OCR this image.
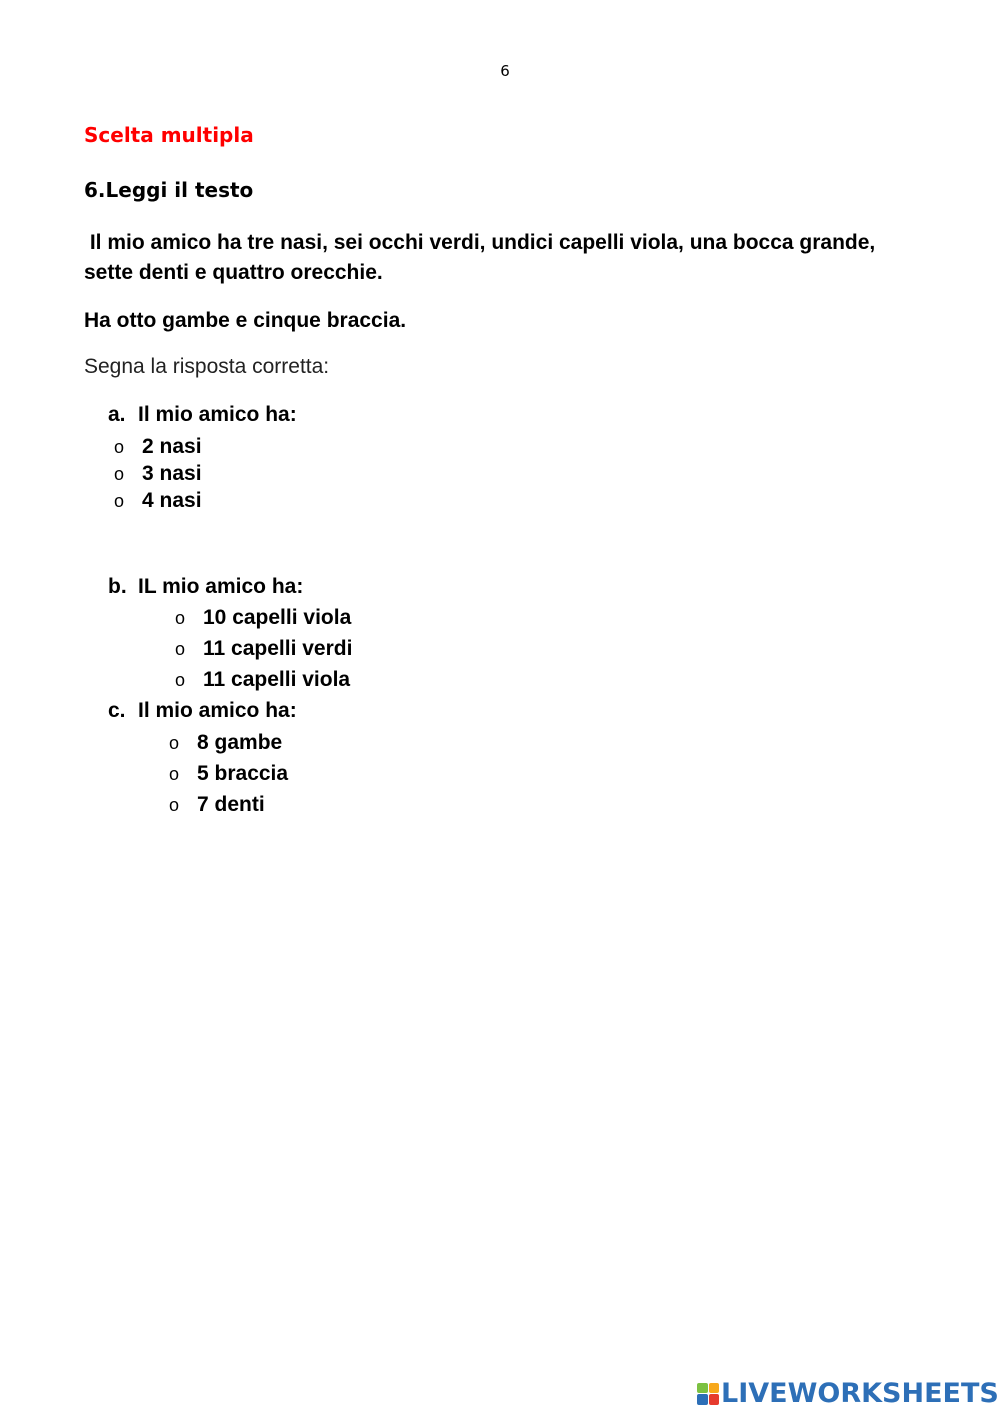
6
Scelta multipla
6.Leggi il testo
Il mio amico ha tre nasi, sei occhi verdi, undici capelli viola, una bocca grande, sette denti e quattro orecchie.
Ha otto gambe e cinque braccia.
Segna la risposta corretta:
a. Il mio amico ha:
o 2 nasi
o 3 nasi
o 4 nasi
b. IL mio amico ha:
o 10 capelli viola
o 11 capelli verdi
o 11 capelli viola
c. Il mio amico ha:
o 8 gambe
o 5 braccia
o 7 denti
LIVEWORKSHEETS
